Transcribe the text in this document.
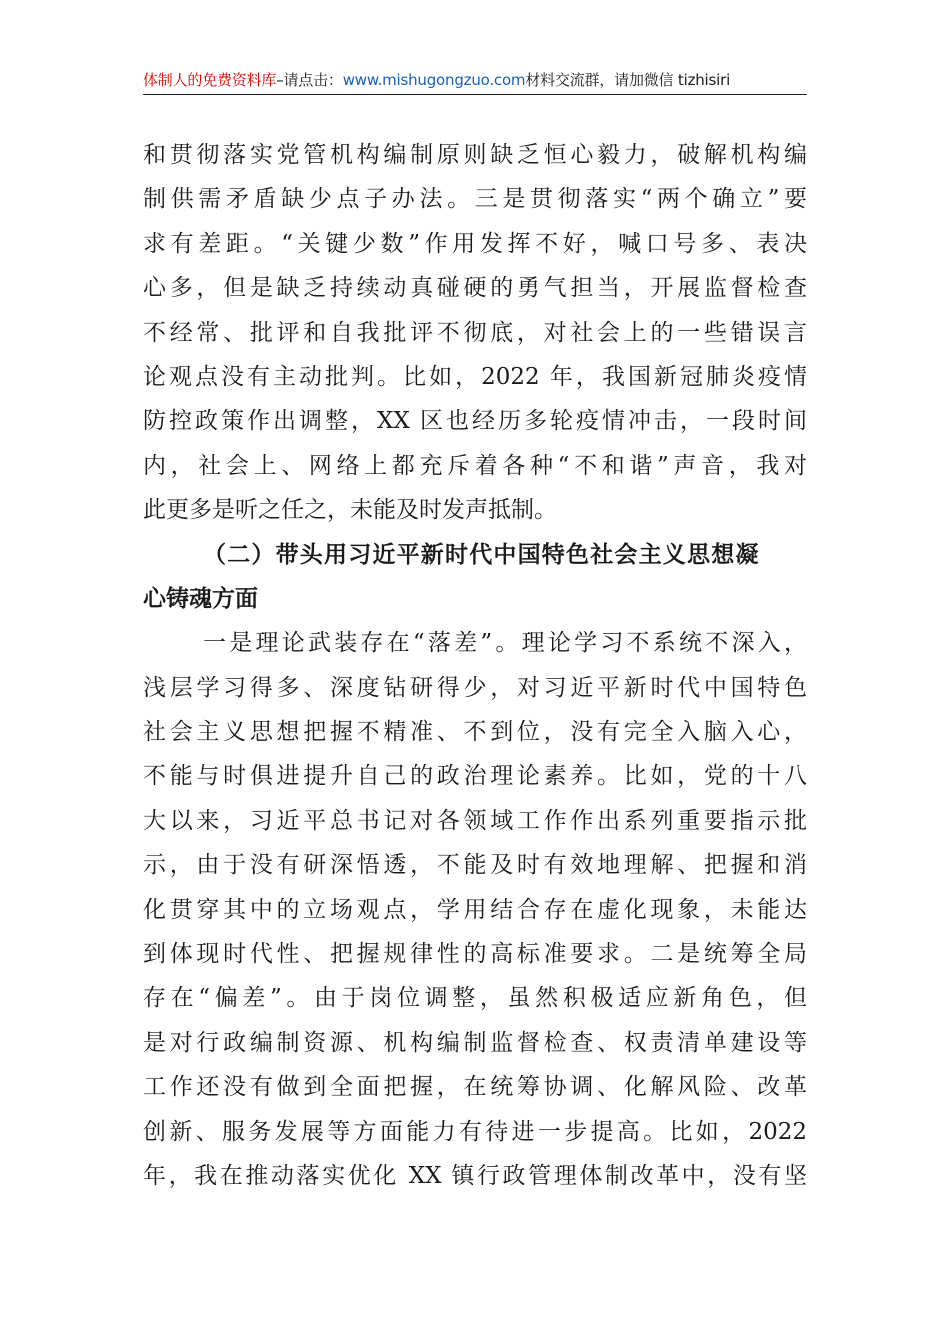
体制人的免费资料库–请点击：www.mishugongzuo.com材料交流群，请加微信 tizhisiri
和贯彻落实党管机构编制原则缺乏恒心毅力，破解机构编
制供需矛盾缺少点子办法。三是贯彻落实“两个确立”要
求有差距。“关键少数”作用发挥不好，喊口号多、表决
心多，但是缺乏持续动真碰硬的勇气担当，开展监督检查
不经常、批评和自我批评不彻底，对社会上的一些错误言
论观点没有主动批判。比如，2022 年，我国新冠肺炎疫情
防控政策作出调整，XX 区也经历多轮疫情冲击，一段时间
内，社会上、网络上都充斥着各种“不和谐”声音，我对
此更多是听之任之，未能及时发声抵制。
（二）带头用习近平新时代中国特色社会主义思想凝
心铸魂方面
一是理论武装存在“落差”。理论学习不系统不深入，
浅层学习得多、深度钻研得少，对习近平新时代中国特色
社会主义思想把握不精准、不到位，没有完全入脑入心，
不能与时俱进提升自己的政治理论素养。比如，党的十八
大以来，习近平总书记对各领域工作作出系列重要指示批
示，由于没有研深悟透，不能及时有效地理解、把握和消
化贯穿其中的立场观点，学用结合存在虚化现象，未能达
到体现时代性、把握规律性的高标准要求。二是统筹全局
存在“偏差”。由于岗位调整，虽然积极适应新角色，但
是对行政编制资源、机构编制监督检查、权责清单建设等
工作还没有做到全面把握，在统筹协调、化解风险、改革
创新、服务发展等方面能力有待进一步提高。比如，2022
年，我在推动落实优化 XX 镇行政管理体制改革中，没有坚
